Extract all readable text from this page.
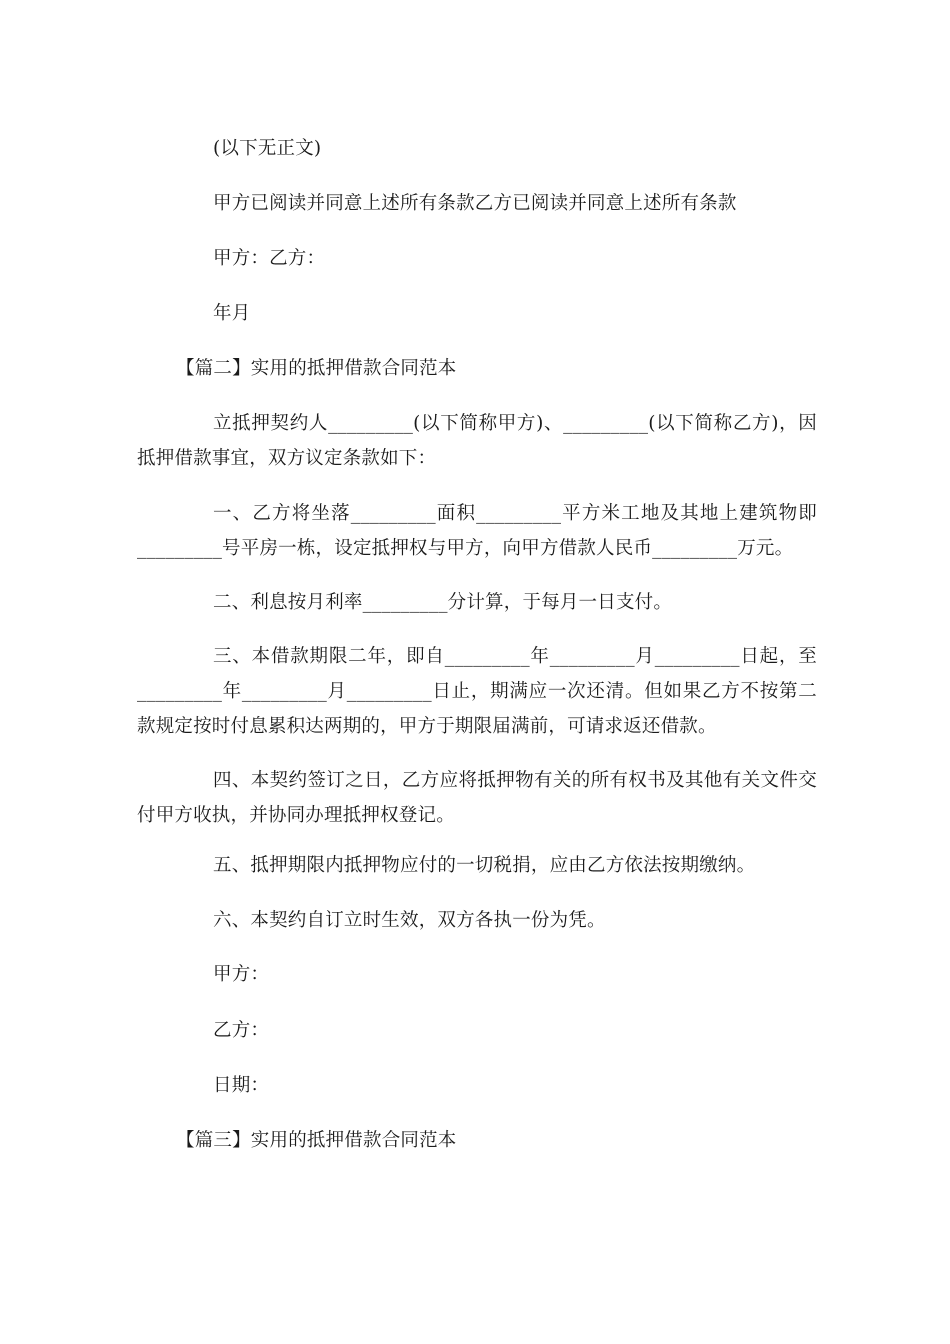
(以下无正文)
甲方已阅读并同意上述所有条款乙方已阅读并同意上述所有条款
甲方：乙方：
年月
【篇二】实用的抵押借款合同范本
立抵押契约人_________(以下简称甲方)、_________(以下简称乙方)，因抵押借款事宜，双方议定条款如下：
一、乙方将坐落_________面积_________平方米工地及其地上建筑物即_________号平房一栋，设定抵押权与甲方，向甲方借款人民币_________万元。
二、利息按月利率_________分计算，于每月一日支付。
三、本借款期限二年，即自_________年_________月_________日起，至_________年_________月_________日止，期满应一次还清。但如果乙方不按第二款规定按时付息累积达两期的，甲方于期限届满前，可请求返还借款。
四、本契约签订之日，乙方应将抵押物有关的所有权书及其他有关文件交付甲方收执，并协同办理抵押权登记。
五、抵押期限内抵押物应付的一切税捐，应由乙方依法按期缴纳。
六、本契约自订立时生效，双方各执一份为凭。
甲方：
乙方：
日期：
【篇三】实用的抵押借款合同范本
